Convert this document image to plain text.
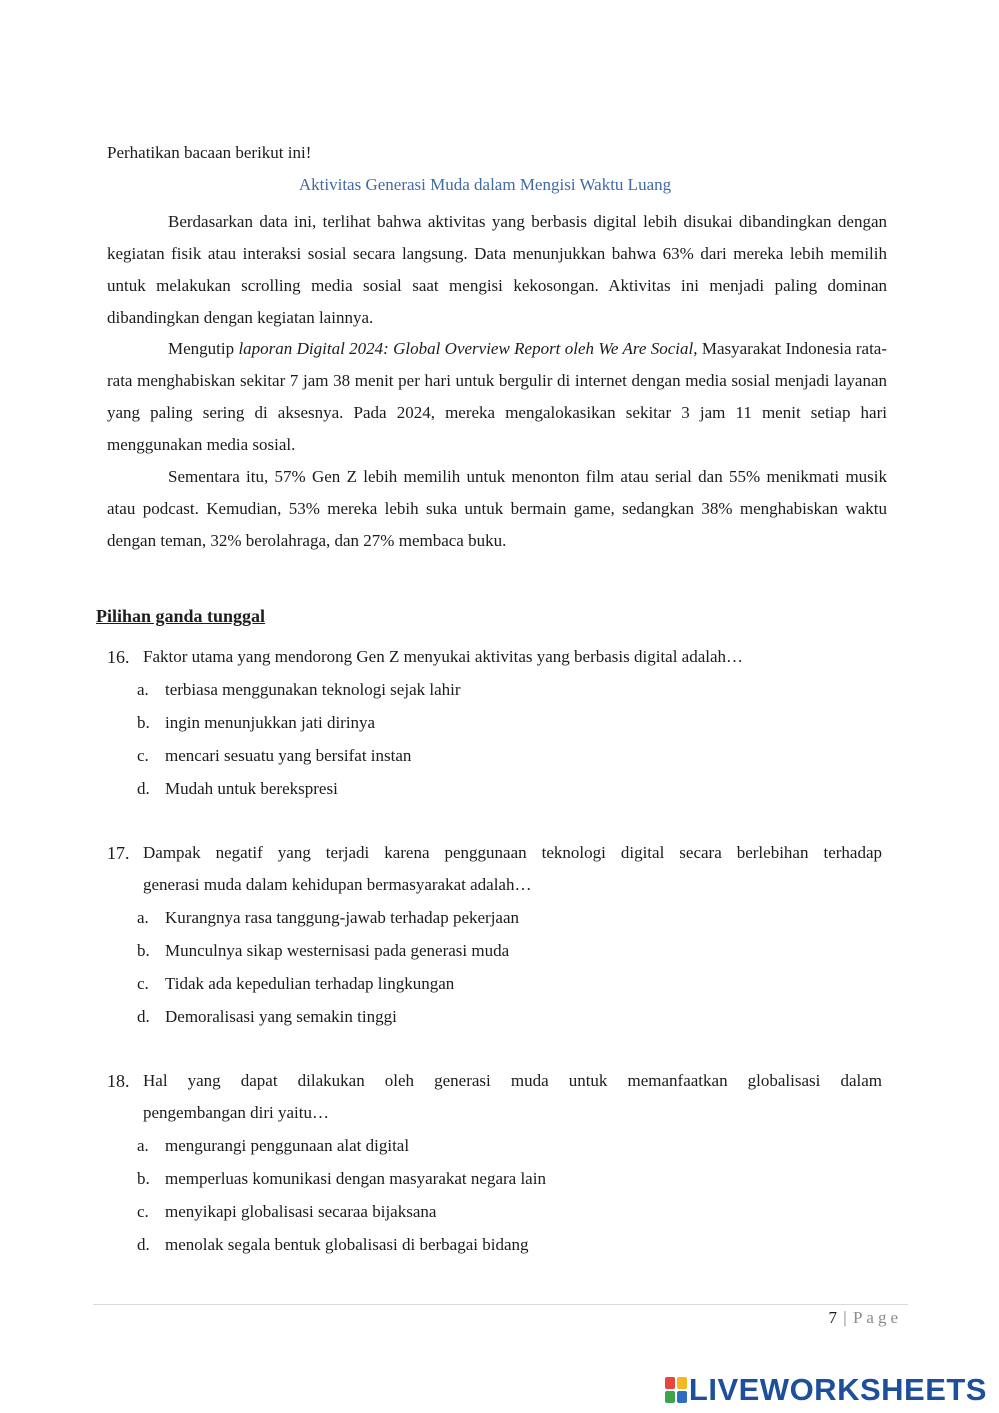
Perhatikan bacaan berikut ini!
Aktivitas Generasi Muda dalam Mengisi Waktu Luang

Berdasarkan data ini, terlihat bahwa aktivitas yang berbasis digital lebih disukai dibandingkan dengan kegiatan fisik atau interaksi sosial secara langsung. Data menunjukkan bahwa 63% dari mereka lebih memilih untuk melakukan scrolling media sosial saat mengisi kekosongan. Aktivitas ini menjadi paling dominan dibandingkan dengan kegiatan lainnya.

Mengutip laporan Digital 2024: Global Overview Report oleh We Are Social, Masyarakat Indonesia rata-rata menghabiskan sekitar 7 jam 38 menit per hari untuk bergulir di internet dengan media sosial menjadi layanan yang paling sering di aksesnya. Pada 2024, mereka mengalokasikan sekitar 3 jam 11 menit setiap hari menggunakan media sosial.

Sementara itu, 57% Gen Z lebih memilih untuk menonton film atau serial dan 55% menikmati musik atau podcast. Kemudian, 53% mereka lebih suka untuk bermain game, sedangkan 38% menghabiskan waktu dengan teman, 32% berolahraga, dan 27% membaca buku.

Pilihan ganda tunggal
16. Faktor utama yang mendorong Gen Z menyukai aktivitas yang berbasis digital adalah…
a. terbiasa menggunakan teknologi sejak lahir
b. ingin menunjukkan jati dirinya
c. mencari sesuatu yang bersifat instan
d. Mudah untuk berekspresi
17. Dampak negatif yang terjadi karena penggunaan teknologi digital secara berlebihan terhadap
generasi muda dalam kehidupan bermasyarakat adalah…
a. Kurangnya rasa tanggung-jawab terhadap pekerjaan
b. Munculnya sikap westernisasi pada generasi muda
c. Tidak ada kepedulian terhadap lingkungan
d. Demoralisasi yang semakin tinggi
18. Hal yang dapat dilakukan oleh generasi muda untuk memanfaatkan globalisasi dalam
pengembangan diri yaitu…
a. mengurangi penggunaan alat digital
b. memperluas komunikasi dengan masyarakat negara lain
c. menyikapi globalisasi secaraa bijaksana
d. menolak segala bentuk globalisasi di berbagai bidang
7 | Page
LIVEWORKSHEETS
